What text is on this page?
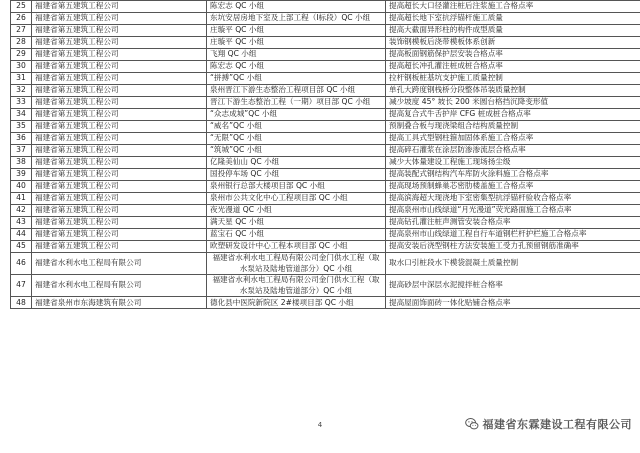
25	福建省第五建筑工程公司	陈宏志 QC 小组	提高超长大口径灌注桩后注浆施工合格点率
26	福建省第五建筑工程公司	东坑安居房地下室及上部工程（Ⅰ标段）QC 小组	提高超长地下室抗浮锚杆施工质量
27	福建省第五建筑工程公司	庄璇平 QC 小组	提高大截面异形柱的构件成型质量
28	福建省第五建筑工程公司	庄璇平 QC 小组	装饰钢模板后浇带模板体系创新
29	福建省第五建筑工程公司	飞翔 QC 小组	提高板面钢筋保护层安装合格点率
30	福建省第五建筑工程公司	陈宏志 QC 小组	提高超长冲孔灌注桩成桩合格点率
31	福建省第五建筑工程公司	“拼搏”QC 小组	拉杆钢板桩基坑支护施工质量控制
32	福建省第五建筑工程公司	泉州晋江下游生态整治工程项目部 QC 小组	单孔大跨度钢栈桥分段整体吊装质量控制
33	福建省第五建筑工程公司	晋江下游生态整治工程（一期）项目部 QC 小组	减少坡度 45° 坡长 200 米圆台格挡沉降变形值
34	福建省第五建筑工程公司	“众志成城”QC 小组	提高复合式牛舌护岸 CFG 桩成桩合格点率
35	福建省第五建筑工程公司	“威名”QC 小组	预制叠合板与现浇梁组合结构质量控制
36	福建省第五建筑工程公司	“无限”QC 小组	提高工具式型钢柱箍加固体系施工合格点率
37	福建省第五建筑工程公司	“筑城”QC 小组	提高碎石灌浆在涂层防渗渗流层合格点率
38	福建省第五建筑工程公司	亿隆美仙山 QC 小组	减少大体量建设工程施工现场扬尘级
39	福建省第五建筑工程公司	国投停车场 QC 小组	提高装配式钢结构汽车库防火涂料施工合格点率
40	福建省第五建筑工程公司	泉州银行总部大楼项目部 QC 小组	提高现场预制蜂巢芯密肋楼盖施工合格点率
41	福建省第五建筑工程公司	泉州市公共文化中心工程项目部 QC 小组	提高滨海超大现浇地下室密集型抗浮锚杆验收合格点率
42	福建省第五建筑工程公司	夜光漫道 QC 小组	提高泉州市山线绿道“月光漫道”荧光路面施工合格点率
43	福建省第五建筑工程公司	满天星 QC 小组	提高钻孔灌注桩声测管安装合格点率
44	福建省第五建筑工程公司	蓝宝石 QC 小组	提高泉州市山线绿道工程自行车道钢栏杆护栏施工合格点率
45	福建省第五建筑工程公司	欧塑研发设计中心工程本项目部 QC 小组	提高安装后浇型钢柱方法安装施工受力孔预留钢筋准确率
46	福建省水利水电工程局有限公司	福建省水利水电工程局有限公司金门供水工程（取水泵站及陆地管道部分）QC 小组	取水口引桩段水下模袋混凝土质量控制
47	福建省水利水电工程局有限公司	福建省水利水电工程局有限公司金门供水工程（取水泵站及陆地管道部分）QC 小组	提高砂层中深层水泥搅拌桩合格率
48	福建省泉州市东海建筑有限公司	德化县中医院新院区 2#楼项目部 QC 小组	提高屋面饰面砖一体化贴铺合格点率
4	福建省东霖建设工程有限公司
